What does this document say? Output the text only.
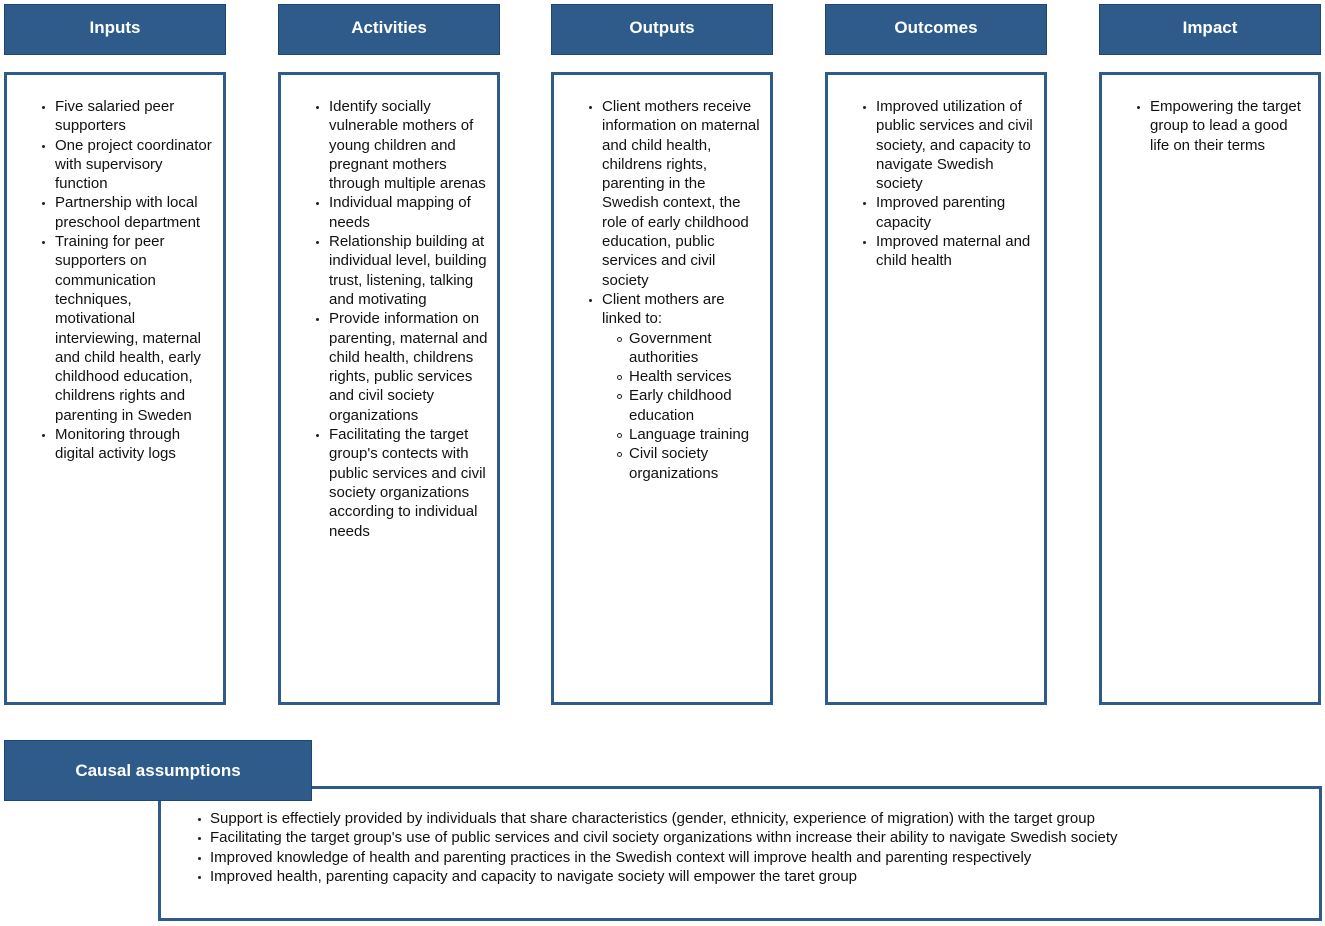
Inputs	Activities	Outputs	Outcomes	Impact
Five salaried peer supporters
One project coordinator with supervisory function
Partnership with local preschool department
Training for peer supporters on communication techniques, motivational interviewing, maternal and child health, early childhood education, childrens rights and parenting in Sweden
Monitoring through digital activity logs
Identify socially vulnerable mothers of young children and pregnant mothers through multiple arenas
Individual mapping of needs
Relationship building at individual level, building trust, listening, talking and motivating
Provide information on parenting, maternal and child health, childrens rights, public services and civil society organizations
Facilitating the target group's contects with public services and civil society organizations according to individual needs
Client mothers receive information on maternal and child health, childrens rights, parenting in the Swedish context, the role of early childhood education, public services and civil society
Client mothers are linked to:
Government authorities
Health services
Early childhood education
Language training
Civil society organizations
Improved utilization of public services and civil society, and capacity to navigate Swedish society
Improved parenting capacity
Improved maternal and child health
Empowering the target group to lead a good life on their terms
Support is effectiely provided by individuals that share characteristics (gender, ethnicity, experience of migration) with the target group
Facilitating the target group's use of public services and civil society organizations withn increase their ability to navigate Swedish society
Improved knowledge of health and parenting practices in the Swedish context will improve health and parenting respectively
Improved health, parenting capacity and capacity to navigate society will empower the taret group
Causal assumptions
